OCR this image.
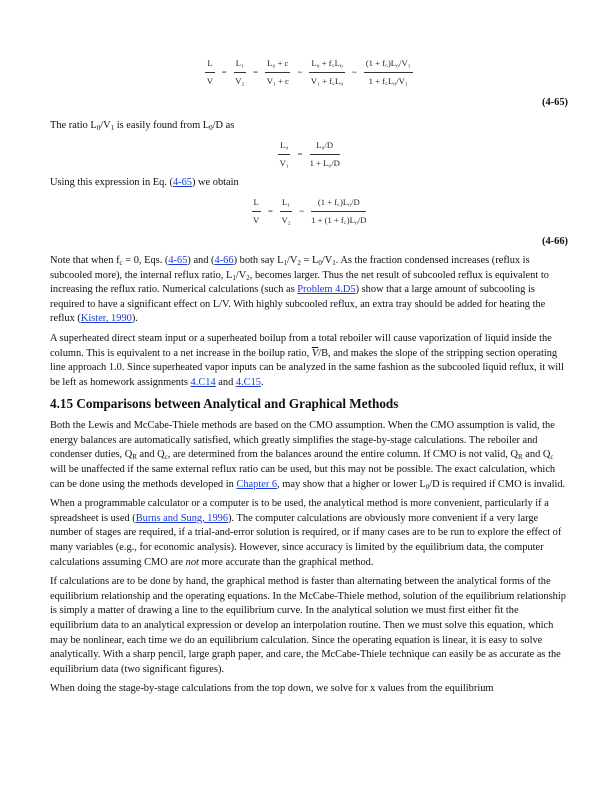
$\frac{L}{V} = \frac{\text{L₁}}{\text{V₂}} = \frac{\text{L₀ + c}}{\text{V₁ + c}}$ ~ $\frac{\text{L₀ + f꜀L₀}}{\text{V₁ + f꜀L₀}}$ ~ $\frac{\text{(1 + f꜀)L₀/V₁}}{\text{1 + f꜀L₀/V₁}}$
(4-65)

The ratio $L_0/V_1$ is easily found from $L_0/D$ as

$\frac{\text{L₀}}{\text{V₁}} = \frac{\text{L₀/D}}{\text{1 + L₀/D}}$

Using this expression in Eq. (4-65) we obtain

$\frac{L}{V} = \frac{\text{L₁}}{\text{V₂}}$ ~ $\frac{\text{(1 + f꜀)L₀/D}}{\text{1 + (1 + f꜀)L₀/D}}$
(4-66)

Note that when $f_c = 0$, Eqs. (4-65) and (4-66) both say $L_1/V_2 = L_0/V_1$. As the fraction condensed increases (reflux is subcooled more), the internal reflux ratio, $L_1/V_2$, becomes larger. Thus the net result of subcooled reflux is equivalent to increasing the reflux ratio. Numerical calculations (such as Problem 4.D5) show that a large amount of subcooling is required to have a significant effect on L/V. With highly subcooled reflux, an extra tray should be added for heating the reflux (Kister, 1990).

A superheated direct steam input or a superheated boilup from a total reboiler will cause vaporization of liquid inside the column. This is equivalent to a net increase in the boilup ratio, $\overline{V}/B$, and makes the slope of the stripping section operating line approach 1.0. Since superheated vapor inputs can be analyzed in the same fashion as the subcooled liquid reflux, it will be left as homework assignments 4.C14 and 4.C15.

4.15 Comparisons between Analytical and Graphical Methods

Both the Lewis and McCabe-Thiele methods are based on the CMO assumption. When the CMO assumption is valid, the energy balances are automatically satisfied, which greatly simplifies the stage-by-stage calculations. The reboiler and condenser duties, $Q_R$ and $Q_c$, are determined from the balances around the entire column. If CMO is not valid, $Q_R$ and $Q_c$ will be unaffected if the same external reflux ratio can be used, but this may not be possible. The exact calculation, which can be done using the methods developed in Chapter 6, may show that a higher or lower $L_0/D$ is required if CMO is invalid.

When a programmable calculator or a computer is to be used, the analytical method is more convenient, particularly if a spreadsheet is used (Burns and Sung, 1996). The computer calculations are obviously more convenient if a very large number of stages are required, if a trial-and-error solution is required, or if many cases are to be run to explore the effect of many variables (e.g., for economic analysis). However, since accuracy is limited by the equilibrium data, the computer calculations assuming CMO are not more accurate than the graphical method.

If calculations are to be done by hand, the graphical method is faster than alternating between the analytical forms of the equilibrium relationship and the operating equations. In the McCabe-Thiele method, solution of the equilibrium relationship is simply a matter of drawing a line to the equilibrium curve. In the analytical solution we must first either fit the equilibrium data to an analytical expression or develop an interpolation routine. Then we must solve this equation, which may be nonlinear, each time we do an equilibrium calculation. Since the operating equation is linear, it is easy to solve analytically. With a sharp pencil, large graph paper, and care, the McCabe-Thiele technique can easily be as accurate as the equilibrium data (two significant figures).

When doing the stage-by-stage calculations from the top down, we solve for x values from the equilibrium
